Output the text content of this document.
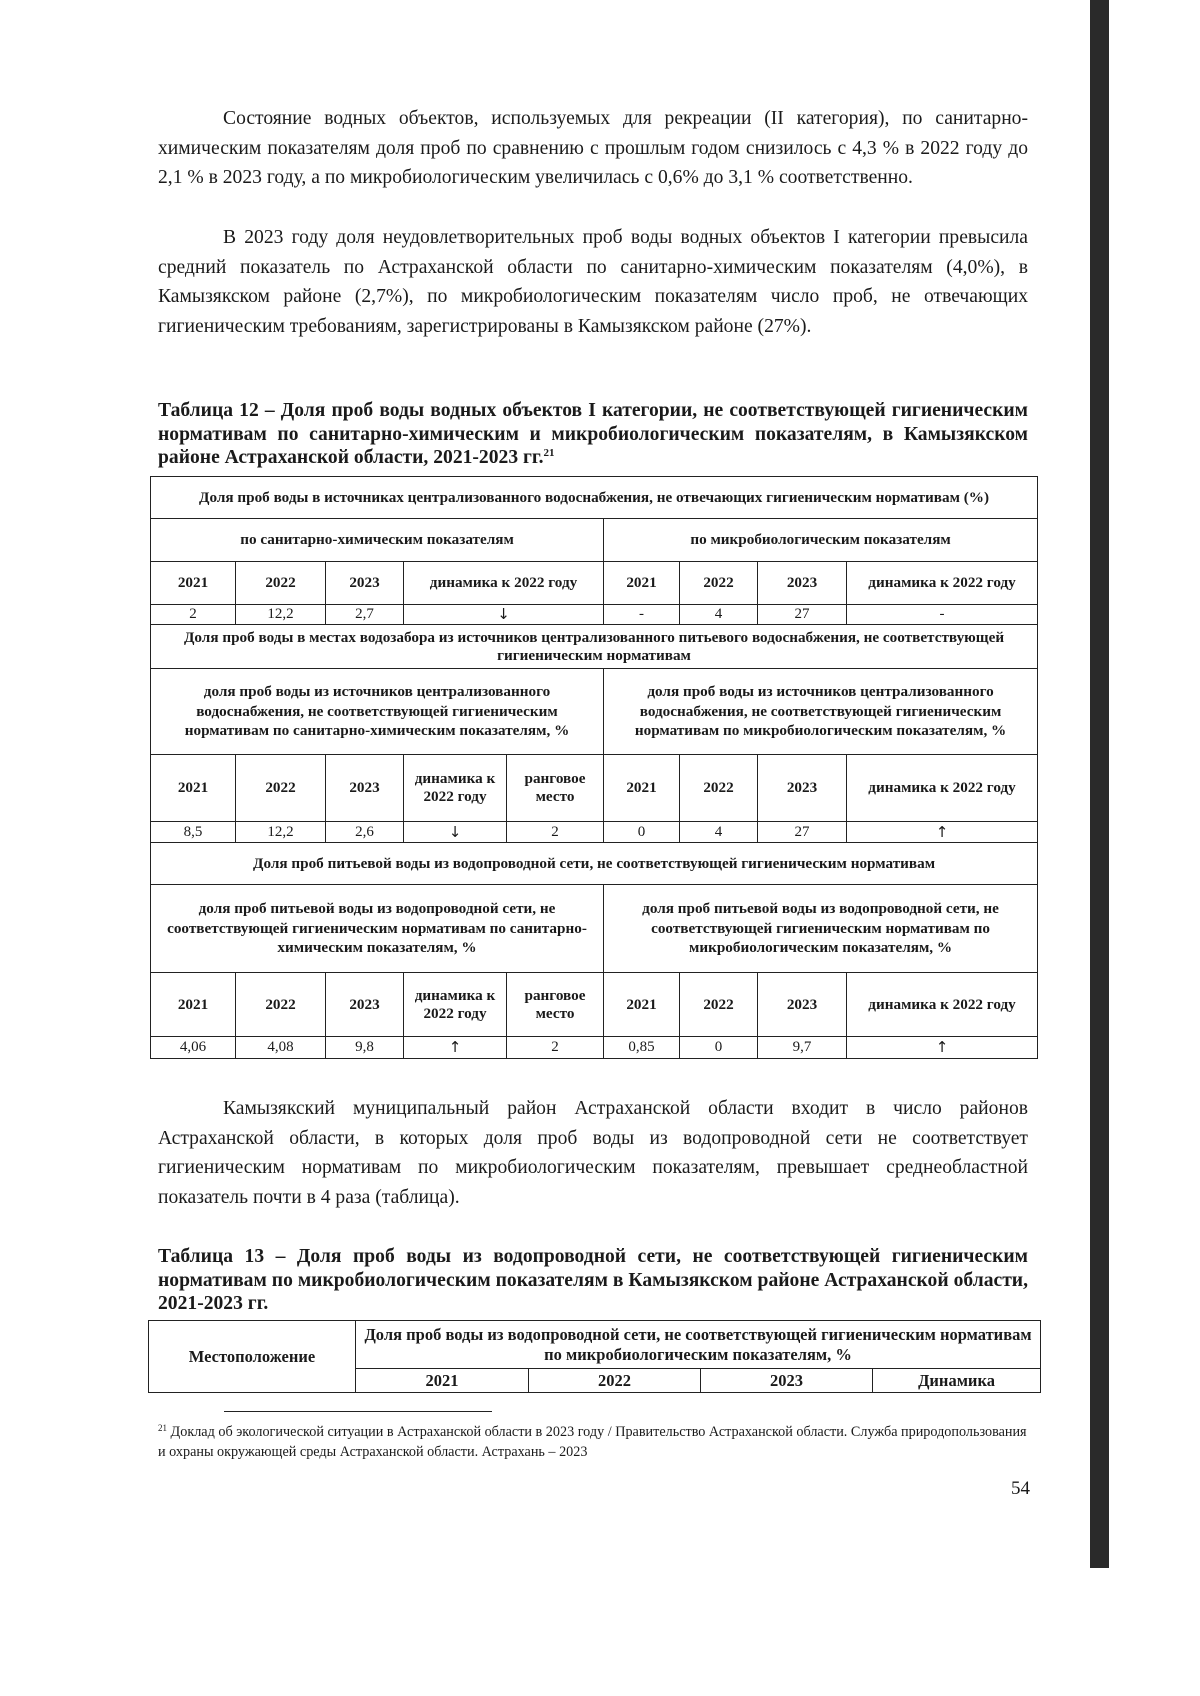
Состояние водных объектов, используемых для рекреации (II категория), по санитарно-химическим показателям доля проб по сравнению с прошлым годом снизилось с 4,3 % в 2022 году до 2,1 % в 2023 году, а по микробиологическим увеличилась с 0,6% до 3,1 % соответственно.

В 2023 году доля неудовлетворительных проб воды водных объектов I категории превысила средний показатель по Астраханской области по санитарно-химическим показателям (4,0%), в Камызякском районе (2,7%), по микробиологическим показателям число проб, не отвечающих гигиеническим требованиям, зарегистрированы в Камызякском районе (27%).

Таблица 12 – Доля проб воды водных объектов I категории, не соответствующей гигиеническим нормативам по санитарно-химическим и микробиологическим показателям, в Камызякском районе Астраханской области, 2021-2023 гг.$^{21}$

Доля проб воды в источниках централизованного водоснабжения, не отвечающих гигиеническим нормативам (%)								
по санитарно-химическим показателям					по микробиологическим показателям			
2021	2022	2023	динамика к 2022 году		2021	2022	2023	динамика к 2022 году
2	12,2	2,7	↓		-	4	27	-
Доля проб воды в местах водозабора из источников централизованного питьевого водоснабжения, не соответствующей гигиеническим нормативам								
доля проб воды из источников централизованного водоснабжения, не соответствующей гигиеническим нормативам по санитарно-химическим показателям, %					доля проб воды из источников централизованного водоснабжения, не соответствующей гигиеническим нормативам по микробиологическим показателям, %			
2021	2022	2023	динамика к 2022 году	ранговое место	2021	2022	2023	динамика к 2022 году
8,5	12,2	2,6	↓	2	0	4	27	↑
Доля проб питьевой воды из водопроводной сети, не соответствующей гигиеническим нормативам								
доля проб питьевой воды из водопроводной сети, не соответствующей гигиеническим нормативам по санитарно-химическим показателям, %					доля проб питьевой воды из водопроводной сети, не соответствующей гигиеническим нормативам по микробиологическим показателям, %			
2021	2022	2023	динамика к 2022 году	ранговое место	2021	2022	2023	динамика к 2022 году
4,06	4,08	9,8	↑	2	0,85	0	9,7	↑

Камызякский муниципальный район Астраханской области входит в число районов Астраханской области, в которых доля проб воды из водопроводной сети не соответствует гигиеническим нормативам по микробиологическим показателям, превышает среднеобластной показатель почти в 4 раза (таблица).

Таблица 13 – Доля проб воды из водопроводной сети, не соответствующей гигиеническим нормативам по микробиологическим показателям в Камызякском районе Астраханской области, 2021-2023 гг.

Местоположение	Доля проб воды из водопроводной сети, не соответствующей гигиеническим нормативам по микробиологическим показателям, %			
	2021	2022	2023	Динамика

$^{21}$ Доклад об экологической ситуации в Астраханской области в 2023 году / Правительство Астраханской области. Служба природопользования и охраны окружающей среды Астраханской области. Астрахань – 2023

54
